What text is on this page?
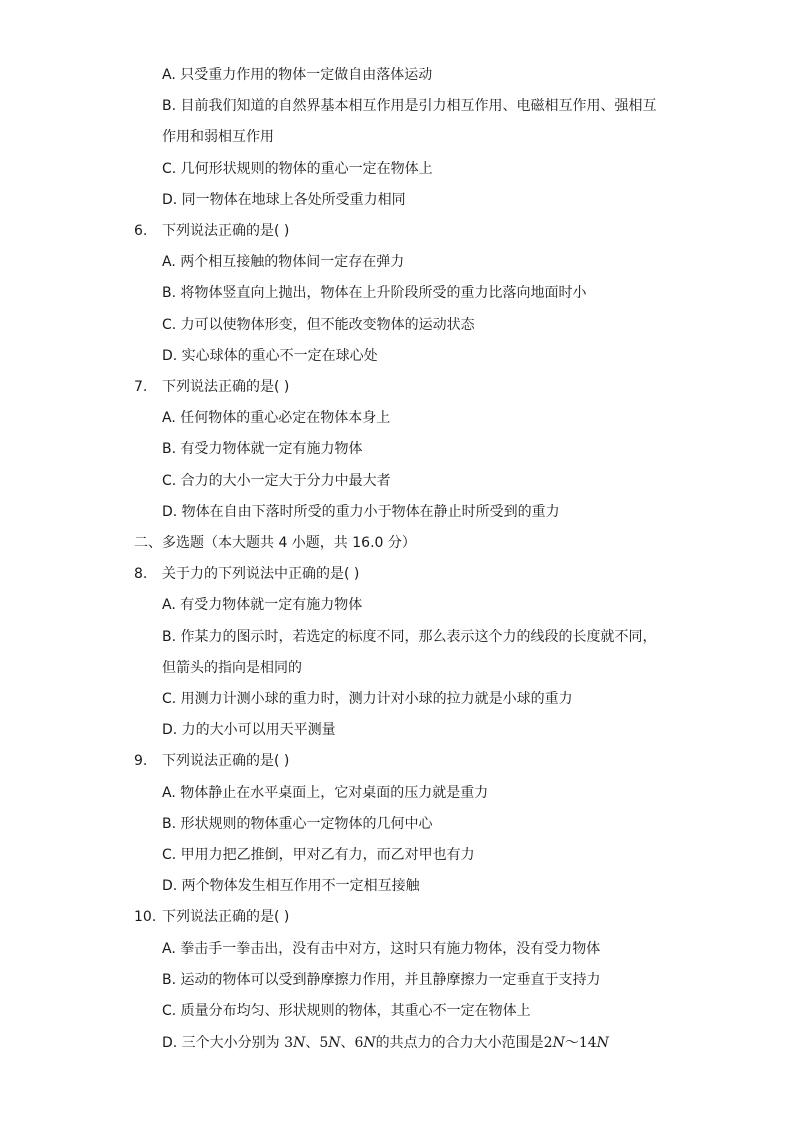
A. 只受重力作用的物体一定做自由落体运动
B. 目前我们知道的自然界基本相互作用是引力相互作用、电磁相互作用、强相互
作用和弱相互作用
C. 几何形状规则的物体的重心一定在物体上
D. 同一物体在地球上各处所受重力相同
6. 下列说法正确的是( )
A. 两个相互接触的物体间一定存在弹力
B. 将物体竖直向上抛出，物体在上升阶段所受的重力比落向地面时小
C. 力可以使物体形变，但不能改变物体的运动状态
D. 实心球体的重心不一定在球心处
7. 下列说法正确的是( )
A. 任何物体的重心必定在物体本身上
B. 有受力物体就一定有施力物体
C. 合力的大小一定大于分力中最大者
D. 物体在自由下落时所受的重力小于物体在静止时所受到的重力
二、多选题（本大题共 4 小题，共 16.0 分）
8. 关于力的下列说法中正确的是( )
A. 有受力物体就一定有施力物体
B. 作某力的图示时，若选定的标度不同，那么表示这个力的线段的长度就不同，
但箭头的指向是相同的
C. 用测力计测小球的重力时，测力计对小球的拉力就是小球的重力
D. 力的大小可以用天平测量
9. 下列说法正确的是( )
A. 物体静止在水平桌面上，它对桌面的压力就是重力
B. 形状规则的物体重心一定物体的几何中心
C. 甲用力把乙推倒，甲对乙有力，而乙对甲也有力
D. 两个物体发生相互作用不一定相互接触
10. 下列说法正确的是( )
A. 拳击手一拳击出，没有击中对方，这时只有施力物体，没有受力物体
B. 运动的物体可以受到静摩擦力作用，并且静摩擦力一定垂直于支持力
C. 质量分布均匀、形状规则的物体，其重心不一定在物体上
D. 三个大小分别为 3N、5N、6N的共点力的合力大小范围是2N～14N
